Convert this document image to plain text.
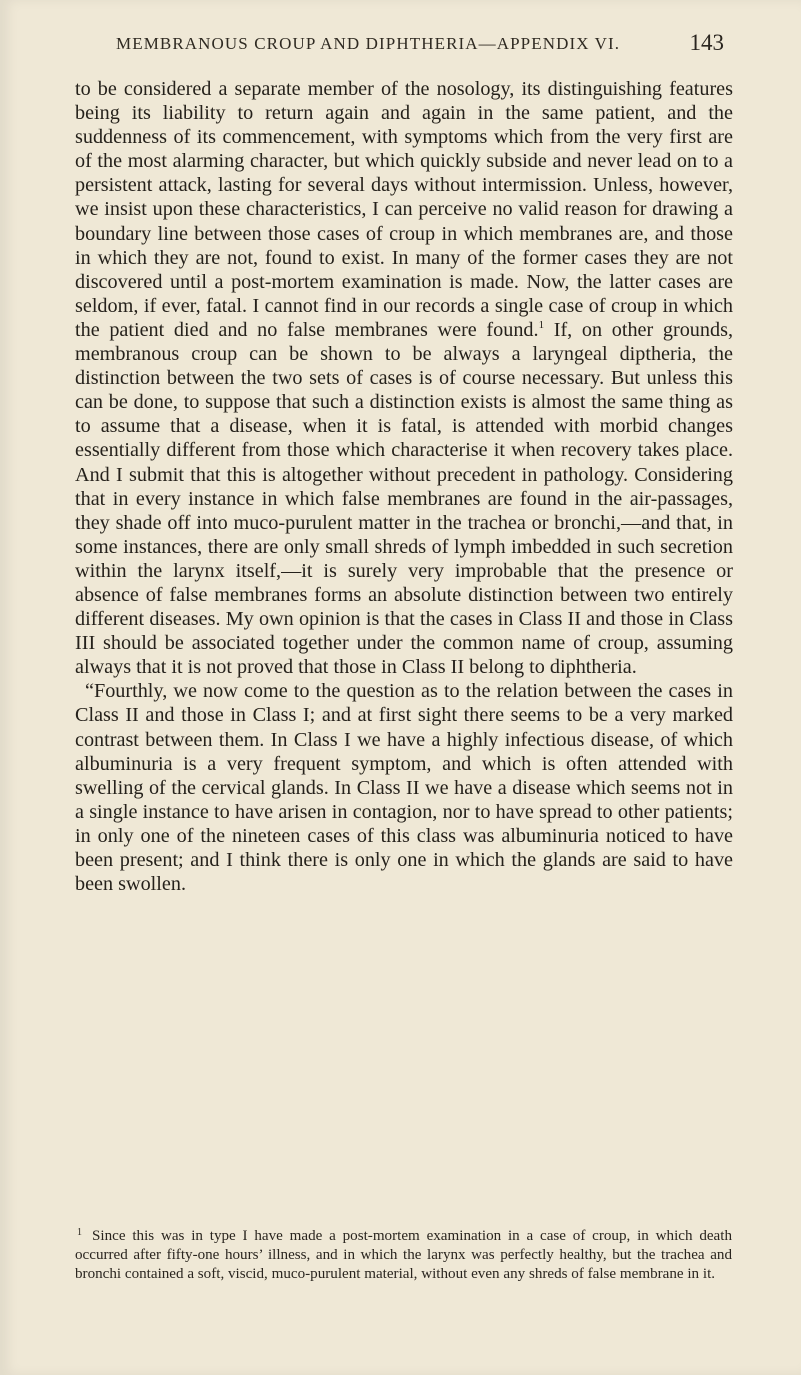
MEMBRANOUS CROUP AND DIPHTHERIA—APPENDIX VI.	143

to be considered a separate member of the nosology, its distinguishing features being its liability to return again and again in the same patient, and the suddenness of its commencement, with symptoms which from the very first are of the most alarming character, but which quickly subside and never lead on to a persistent attack, lasting for several days without intermission. Unless, however, we insist upon these characteristics, I can perceive no valid reason for drawing a boundary line between those cases of croup in which membranes are, and those in which they are not, found to exist. In many of the former cases they are not discovered until a post-mortem examination is made. Now, the latter cases are seldom, if ever, fatal. I cannot find in our records a single case of croup in which the patient died and no false membranes were found.$^1$ If, on other grounds, membranous croup can be shown to be always a laryngeal diptheria, the distinction between the two sets of cases is of course necessary. But unless this can be done, to suppose that such a distinction exists is almost the same thing as to assume that a disease, when it is fatal, is attended with morbid changes essentially different from those which characterise it when recovery takes place. And I submit that this is altogether without precedent in pathology. Considering that in every instance in which false membranes are found in the air-passages, they shade off into muco-purulent matter in the trachea or bronchi,—and that, in some instances, there are only small shreds of lymph imbedded in such secretion within the larynx itself,—it is surely very improbable that the presence or absence of false membranes forms an absolute distinction between two entirely different diseases. My own opinion is that the cases in Class II and those in Class III should be associated together under the common name of croup, assuming always that it is not proved that those in Class II belong to diphtheria.

“Fourthly, we now come to the question as to the relation between the cases in Class II and those in Class I; and at first sight there seems to be a very marked contrast between them. In Class I we have a highly infectious disease, of which albuminuria is a very frequent symptom, and which is often attended with swelling of the cervical glands. In Class II we have a disease which seems not in a single instance to have arisen in contagion, nor to have spread to other patients; in only one of the nineteen cases of this class was albuminuria noticed to have been present; and I think there is only one in which the glands are said to have been swollen.

$^1$ Since this was in type I have made a post-mortem examination in a case of croup, in which death occurred after fifty-one hours’ illness, and in which the larynx was perfectly healthy, but the trachea and bronchi contained a soft, viscid, muco-purulent material, without even any shreds of false membrane in it.
